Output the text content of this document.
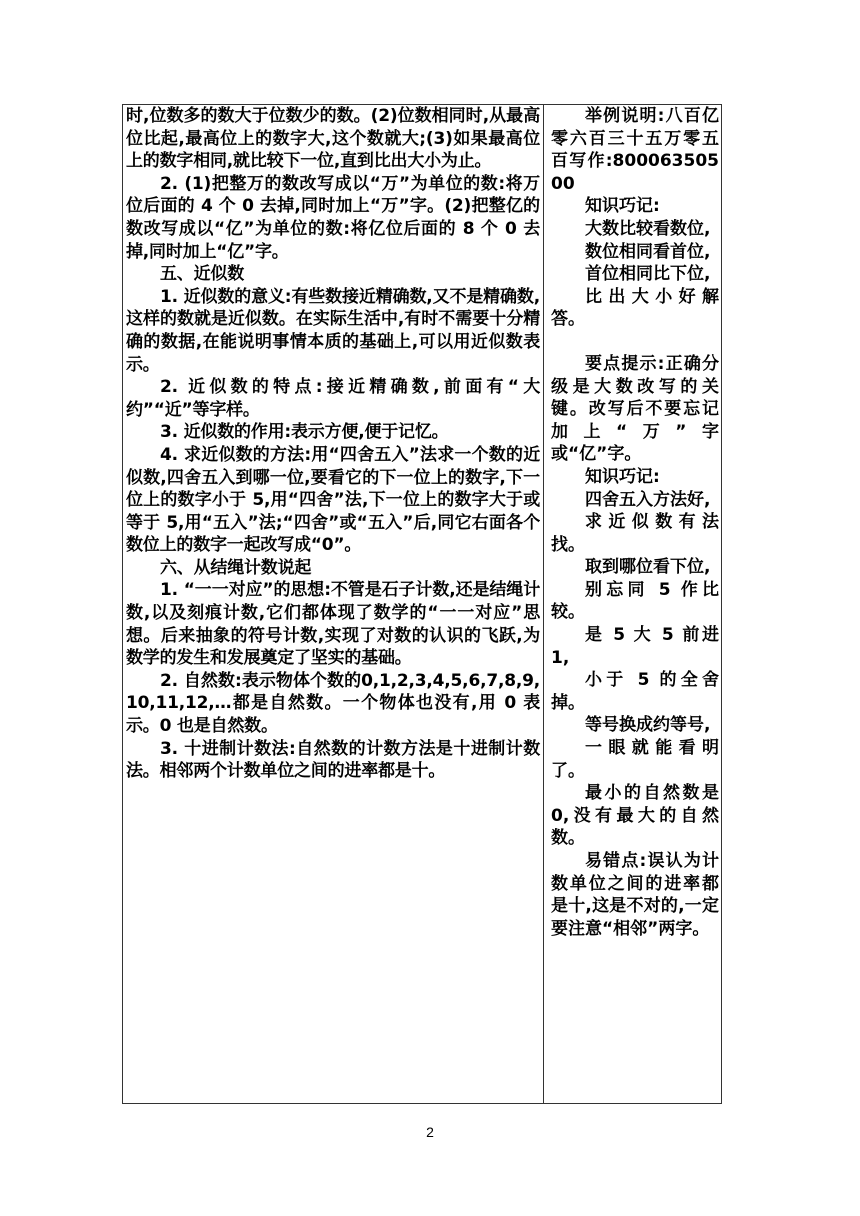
时,位数多的数大于位数少的数。(2)位数相同时,从最高位比起,最高位上的数字大,这个数就大;(3)如果最高位上的数字相同,就比较下一位,直到比出大小为止。

2. (1)把整万的数改写成以“万”为单位的数:将万位后面的 4 个 0 去掉,同时加上“万”字。(2)把整亿的数改写成以“亿”为单位的数:将亿位后面的 8 个 0 去掉,同时加上“亿”字。

五、近似数

1. 近似数的意义:有些数接近精确数,又不是精确数,这样的数就是近似数。在实际生活中,有时不需要十分精确的数据,在能说明事情本质的基础上,可以用近似数表示。

2. 近似数的特点:接近精确数,前面有“大约”“近”等字样。

3. 近似数的作用:表示方便,便于记忆。

4. 求近似数的方法:用“四舍五入”法求一个数的近似数,四舍五入到哪一位,要看它的下一位上的数字,下一位上的数字小于 5,用“四舍”法,下一位上的数字大于或等于 5,用“五入”法;“四舍”或“五入”后,同它右面各个数位上的数字一起改写成“0”。

六、从结绳计数说起

1. “一一对应”的思想:不管是石子计数,还是结绳计数,以及刻痕计数,它们都体现了数学的“一一对应”思想。后来抽象的符号计数,实现了对数的认识的飞跃,为数学的发生和发展奠定了坚实的基础。

2. 自然数:表示物体个数的0,1,2,3,4,5,6,7,8,9,10,11,12,…都是自然数。一个物体也没有,用 0 表示。0 也是自然数。

3. 十进制计数法:自然数的计数方法是十进制计数法。相邻两个计数单位之间的进率都是十。

举例说明:八百亿零六百三十五万零五百写作:80006350500

知识巧记:

大数比较看数位,

数位相同看首位,

首位相同比下位,

比出大小好解答。

要点提示:正确分级是大数改写的关键。改写后不要忘记加上“万”字或“亿”字。

知识巧记:

四舍五入方法好,

求近似数有法找。

取到哪位看下位,

别忘同 5 作比较。

是 5 大 5 前进 1,

小于 5 的全舍掉。

等号换成约等号,

一眼就能看明了。

最小的自然数是 0,没有最大的自然数。

易错点:误认为计数单位之间的进率都是十,这是不对的,一定要注意“相邻”两字。

2
